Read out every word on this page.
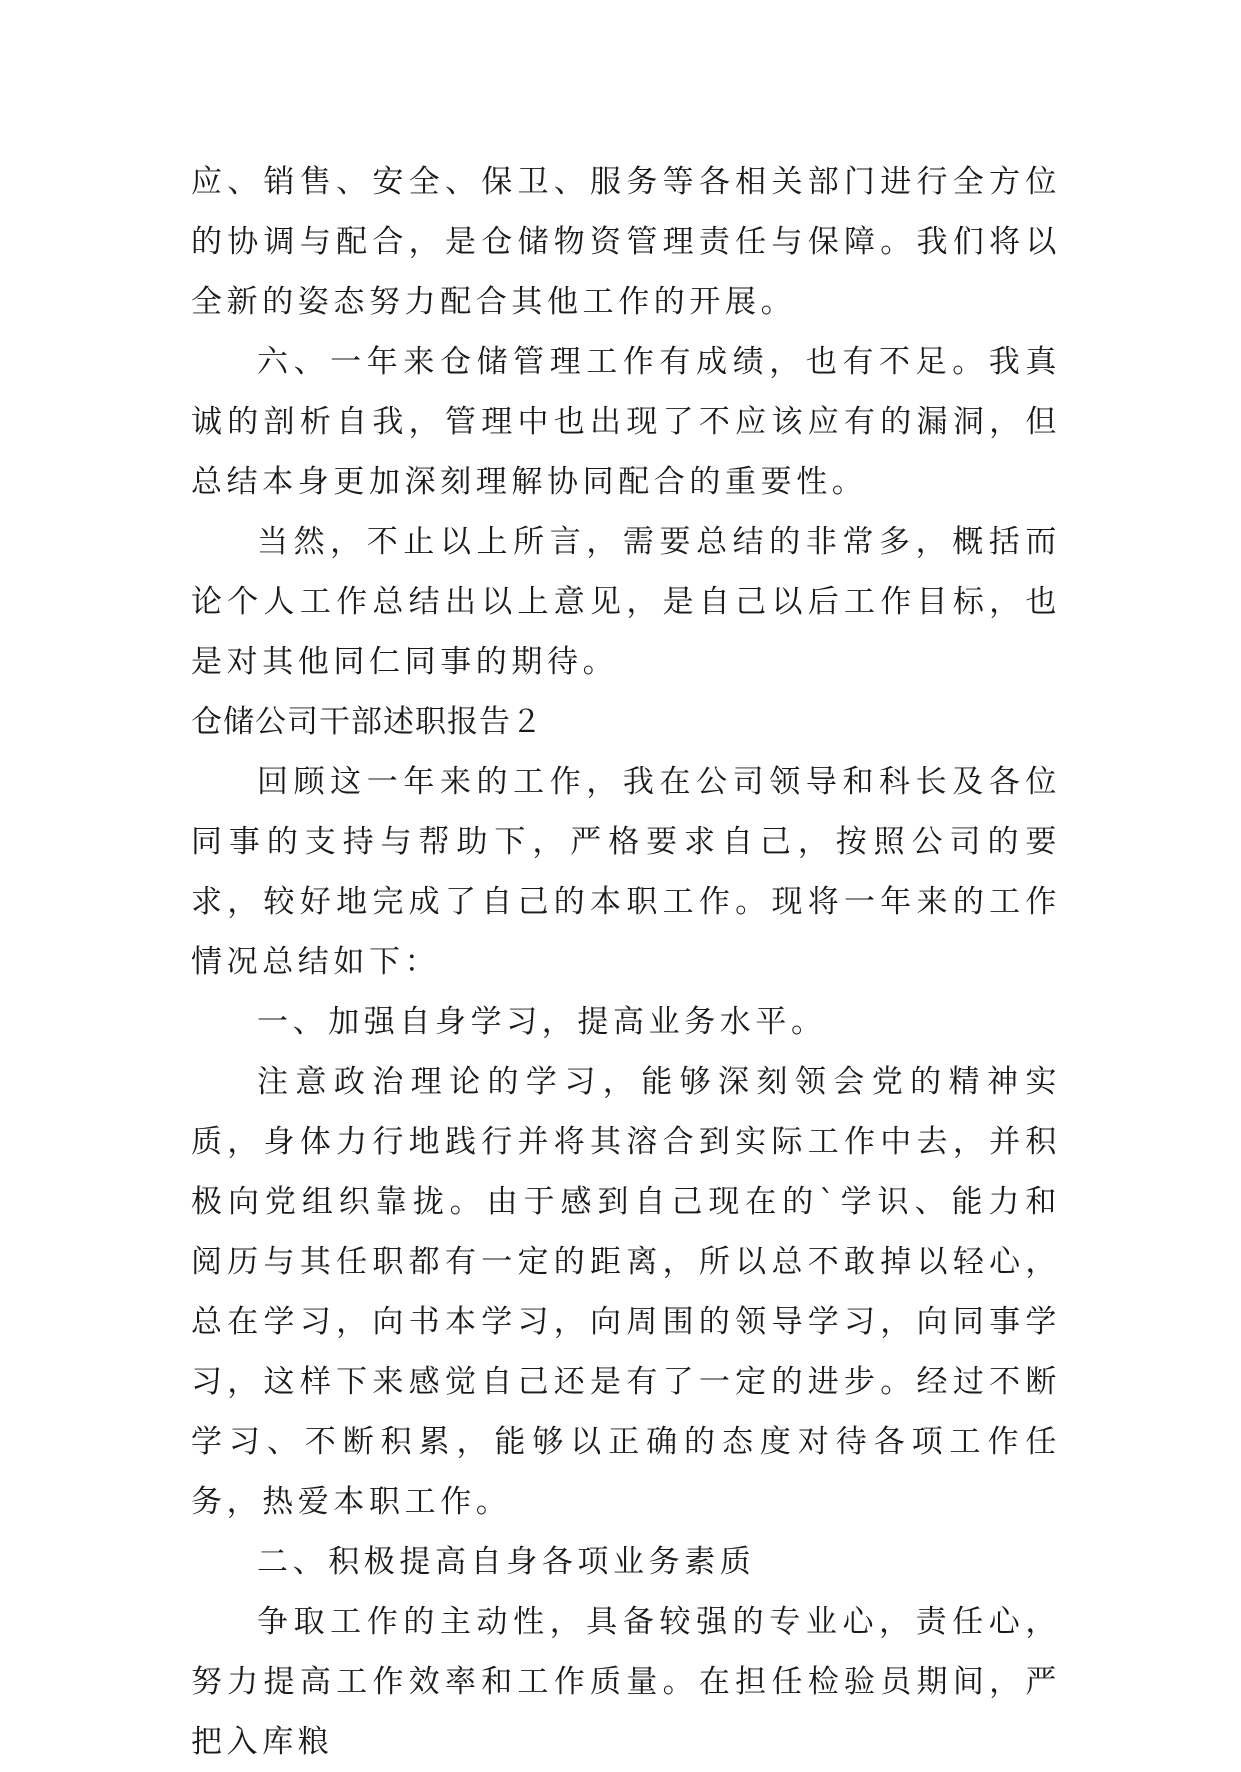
应、销售、安全、保卫、服务等各相关部门进行全方位的协调与配合，是仓储物资管理责任与保障。我们将以全新的姿态努力配合其他工作的开展。

六、一年来仓储管理工作有成绩，也有不足。我真诚的剖析自我，管理中也出现了不应该应有的漏洞，但总结本身更加深刻理解协同配合的重要性。

当然，不止以上所言，需要总结的非常多，概括而论个人工作总结出以上意见，是自己以后工作目标，也是对其他同仁同事的期待。

仓储公司干部述职报告２

回顾这一年来的工作，我在公司领导和科长及各位同事的支持与帮助下，严格要求自己，按照公司的要求，较好地完成了自己的本职工作。现将一年来的工作情况总结如下：

一、加强自身学习，提高业务水平。

注意政治理论的学习，能够深刻领会党的精神实质，身体力行地践行并将其溶合到实际工作中去，并积极向党组织靠拢。由于感到自己现在的`学识、能力和阅历与其任职都有一定的距离，所以总不敢掉以轻心，总在学习，向书本学习，向周围的领导学习，向同事学习，这样下来感觉自己还是有了一定的进步。经过不断学习、不断积累，能够以正确的态度对待各项工作任务，热爱本职工作。

二、积极提高自身各项业务素质

争取工作的主动性，具备较强的专业心，责任心，努力提高工作效率和工作质量。在担任检验员期间，严把入库粮
